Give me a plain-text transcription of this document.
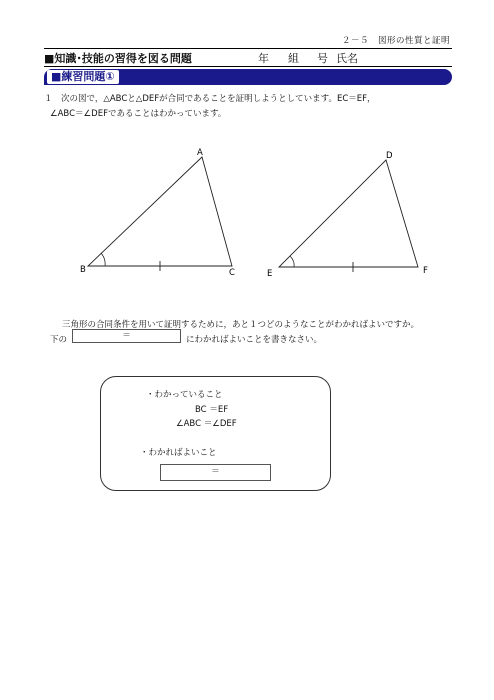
２－５　図形の性質と証明
■知識･技能の習得を図る問題	年 組 号 氏名
■練習問題①
１　次の図で，△ABCと△DEFが合同であることを証明しようとしています。EC＝EF，
∠ABC＝∠DEFであることはわかっています。
A
B	C
D
E	F
三角形の合同条件を用いて証明するために，あと１つどのようなことがわかればよいですか。
下の	＝	にわかればよいことを書きなさい。
・わかっていること
BC ＝EF
∠ABC ＝∠DEF
・わかればよいこと
＝
